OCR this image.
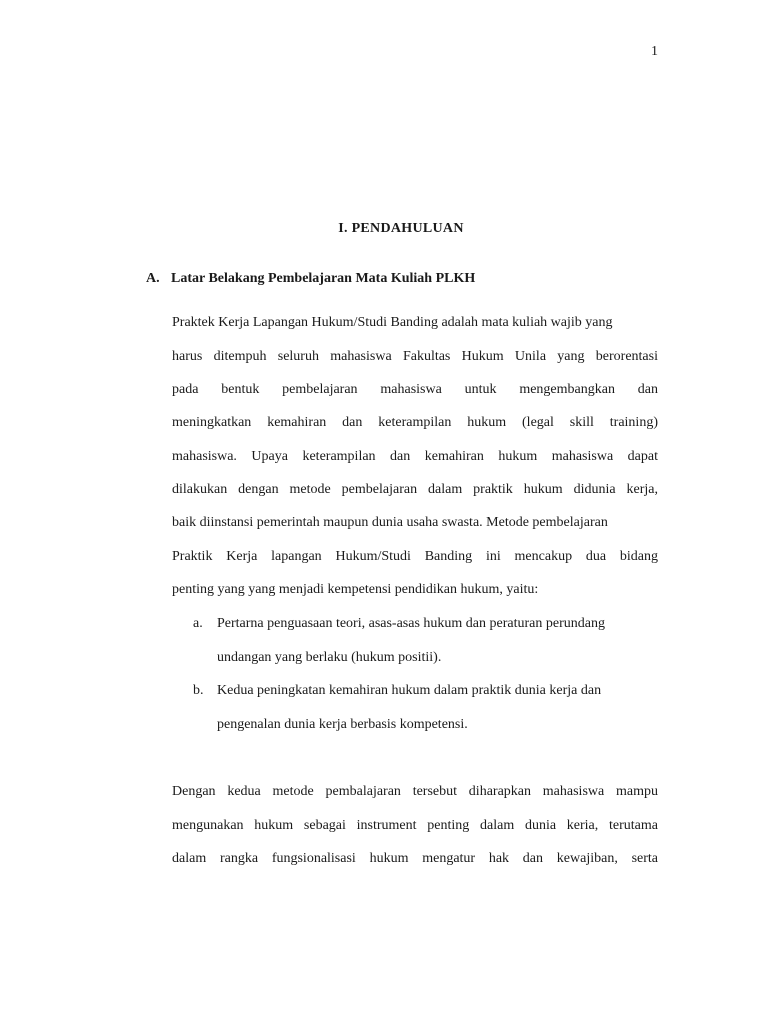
1
I. PENDAHULUAN
A. Latar Belakang Pembelajaran Mata Kuliah PLKH
Praktek Kerja Lapangan Hukum/Studi Banding adalah mata kuliah wajib yang
harus ditempuh seluruh mahasiswa Fakultas Hukum Unila yang berorentasi
pada bentuk pembelajaran mahasiswa untuk mengembangkan dan
meningkatkan kemahiran dan keterampilan hukum (legal skill training)
mahasiswa. Upaya keterampilan dan kemahiran hukum mahasiswa dapat
dilakukan dengan metode pembelajaran dalam praktik hukum didunia kerja,
baik diinstansi pemerintah maupun dunia usaha swasta. Metode pembelajaran
Praktik Kerja lapangan Hukum/Studi Banding ini mencakup dua bidang
penting yang yang menjadi kempetensi pendidikan hukum, yaitu:
a. Pertarna penguasaan teori, asas-asas hukum dan peraturan perundang
undangan yang berlaku (hukum positii).
b. Kedua peningkatan kemahiran hukum dalam praktik dunia kerja dan
pengenalan dunia kerja berbasis kompetensi.
Dengan kedua metode pembalajaran tersebut diharapkan mahasiswa mampu
mengunakan hukum sebagai instrument penting dalam dunia keria, terutama
dalam rangka fungsionalisasi hukum mengatur hak dan kewajiban, serta
